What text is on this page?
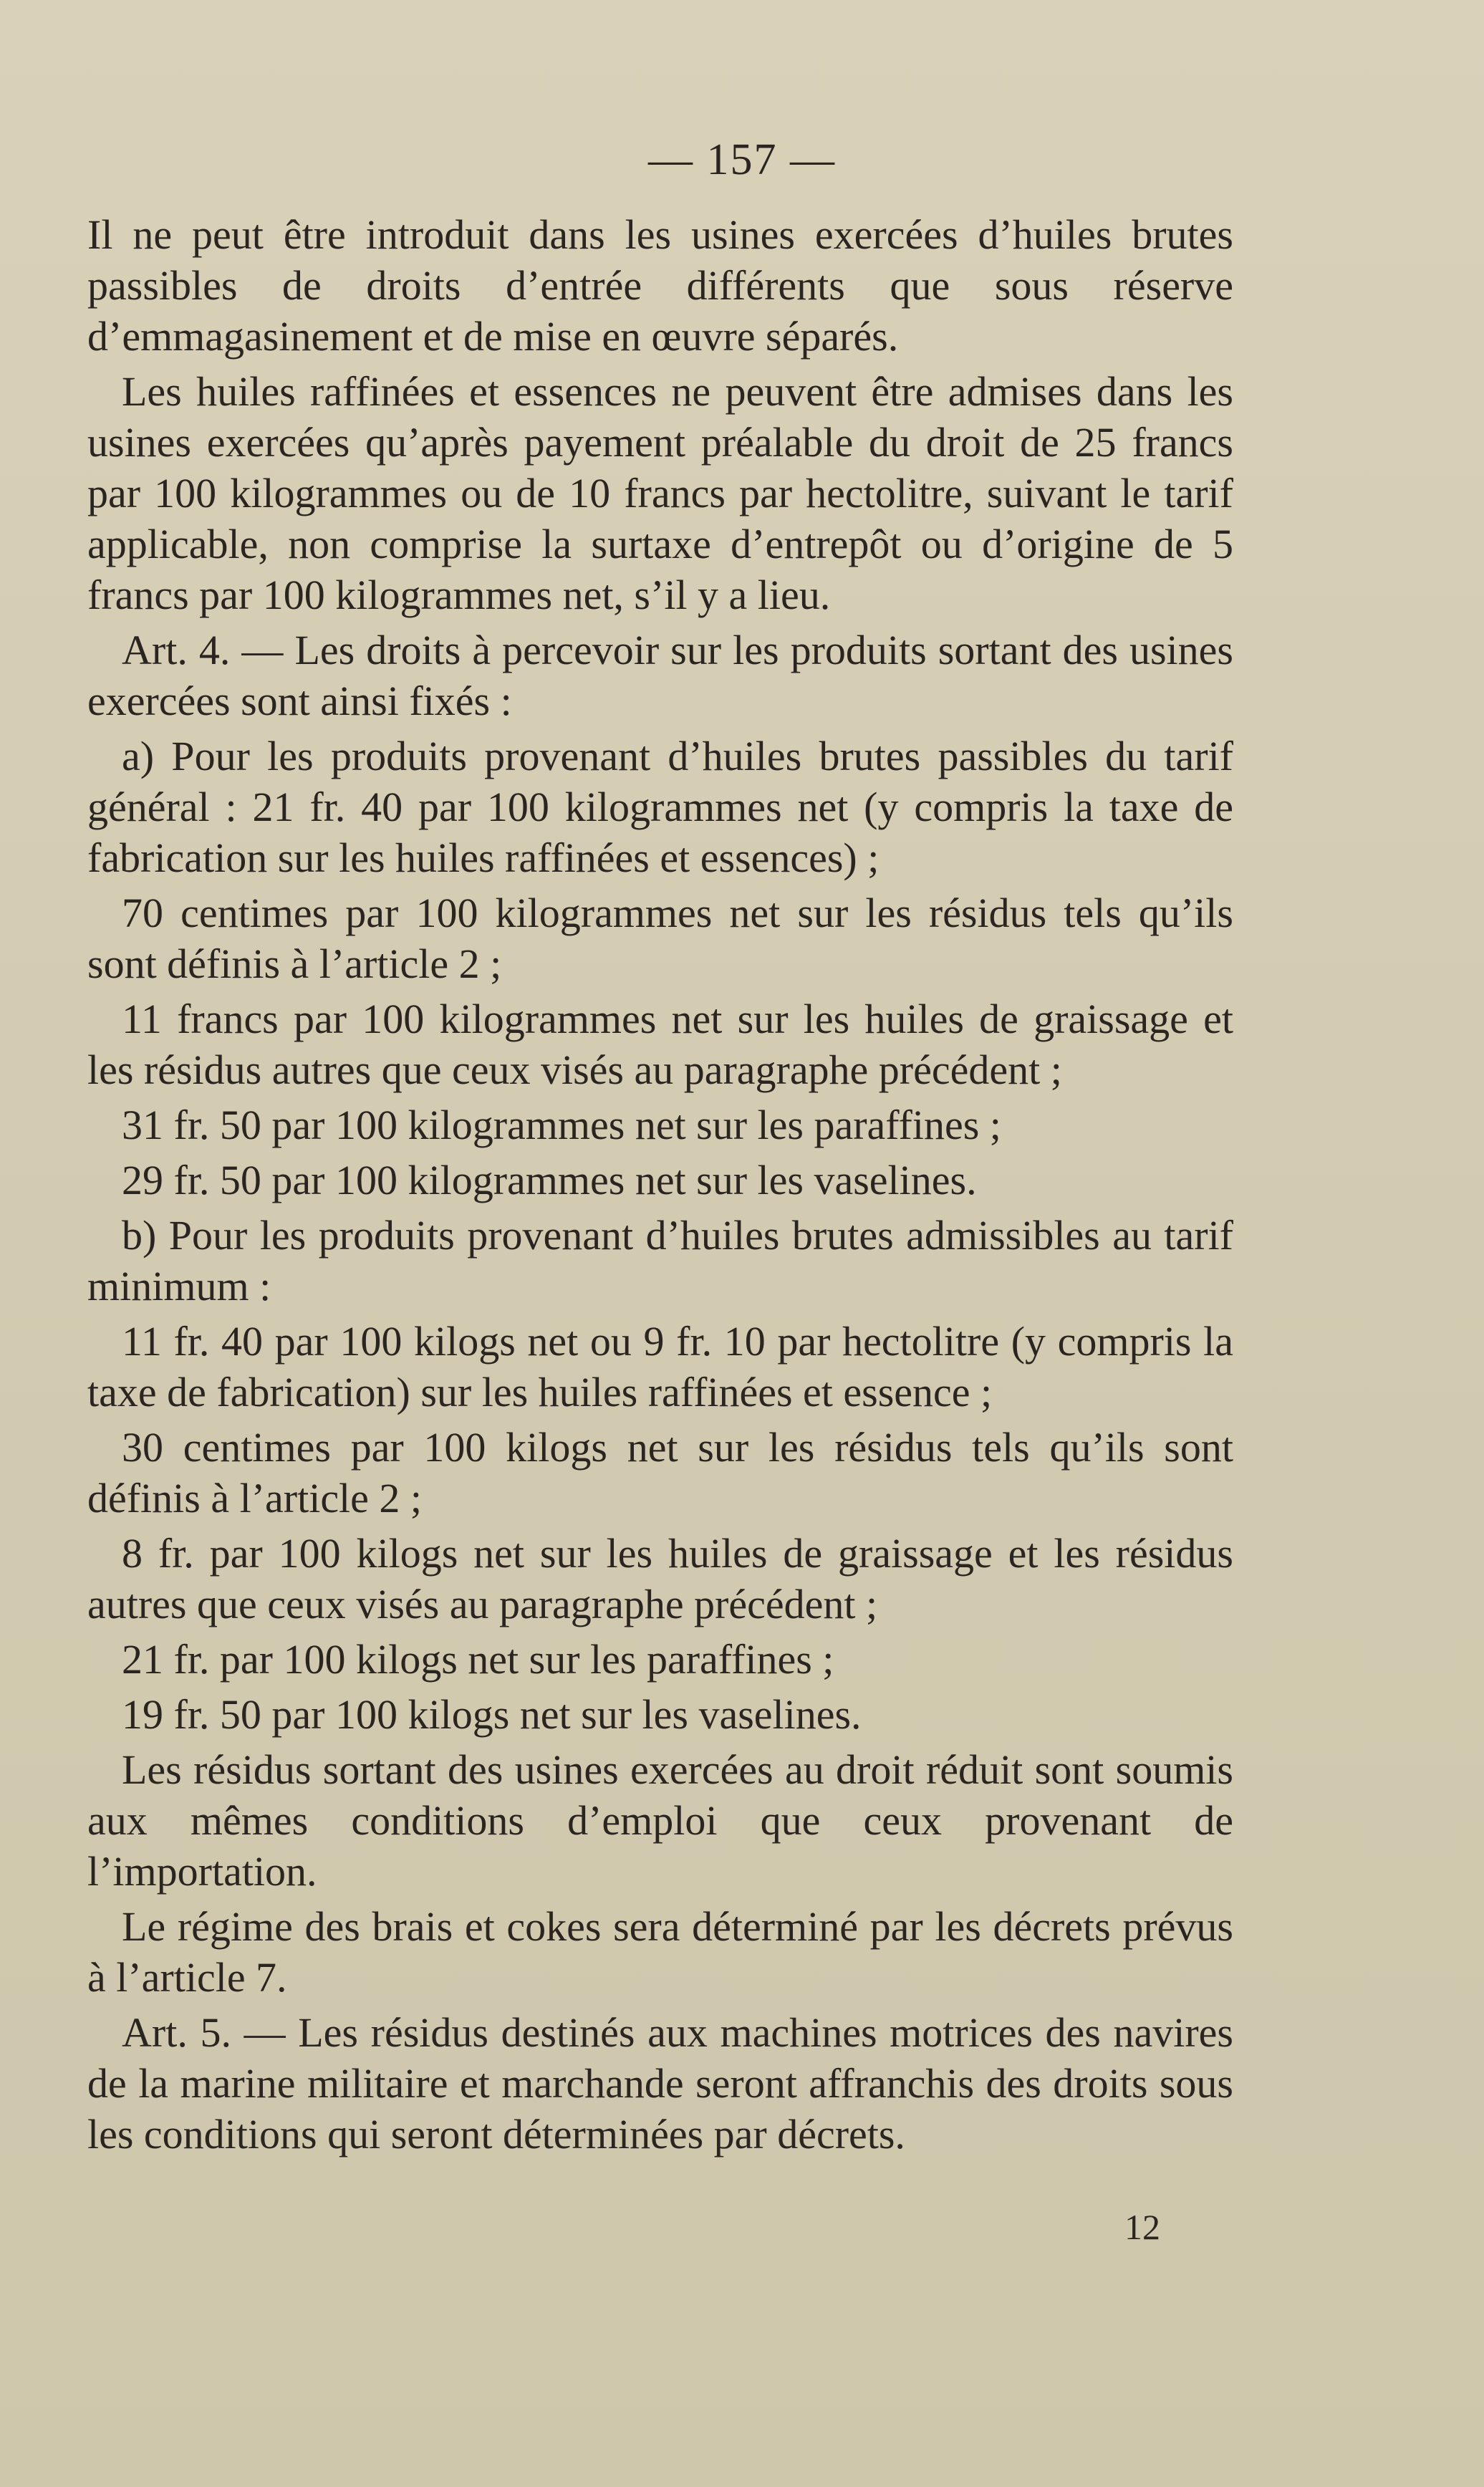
— 157 —

Il ne peut être introduit dans les usines exercées d’huiles brutes passibles de droits d’entrée différents que sous réserve d’emmagasinement et de mise en œuvre séparés.

Les huiles raffinées et essences ne peuvent être admises dans les usines exercées qu’après payement préalable du droit de 25 francs par 100 kilogrammes ou de 10 francs par hectolitre, suivant le tarif applicable, non comprise la surtaxe d’entrepôt ou d’origine de 5 francs par 100 kilogrammes net, s’il y a lieu.

Art. 4. — Les droits à percevoir sur les produits sortant des usines exercées sont ainsi fixés :

a) Pour les produits provenant d’huiles brutes passibles du tarif général : 21 fr. 40 par 100 kilogrammes net (y compris la taxe de fabrication sur les huiles raffinées et essences) ;

70 centimes par 100 kilogrammes net sur les résidus tels qu’ils sont définis à l’article 2 ;

11 francs par 100 kilogrammes net sur les huiles de graissage et les résidus autres que ceux visés au paragraphe précédent ;

31 fr. 50 par 100 kilogrammes net sur les paraffines ;

29 fr. 50 par 100 kilogrammes net sur les vaselines.

b) Pour les produits provenant d’huiles brutes admissibles au tarif minimum :

11 fr. 40 par 100 kilogs net ou 9 fr. 10 par hectolitre (y compris la taxe de fabrication) sur les huiles raffinées et essence ;

30 centimes par 100 kilogs net sur les résidus tels qu’ils sont définis à l’article 2 ;

8 fr. par 100 kilogs net sur les huiles de graissage et les résidus autres que ceux visés au paragraphe précédent ;

21 fr. par 100 kilogs net sur les paraffines ;

19 fr. 50 par 100 kilogs net sur les vaselines.

Les résidus sortant des usines exercées au droit réduit sont soumis aux mêmes conditions d’emploi que ceux provenant de l’importation.

Le régime des brais et cokes sera déterminé par les décrets prévus à l’article 7.

Art. 5. — Les résidus destinés aux machines motrices des navires de la marine militaire et marchande seront affranchis des droits sous les conditions qui seront déterminées par décrets.

12
